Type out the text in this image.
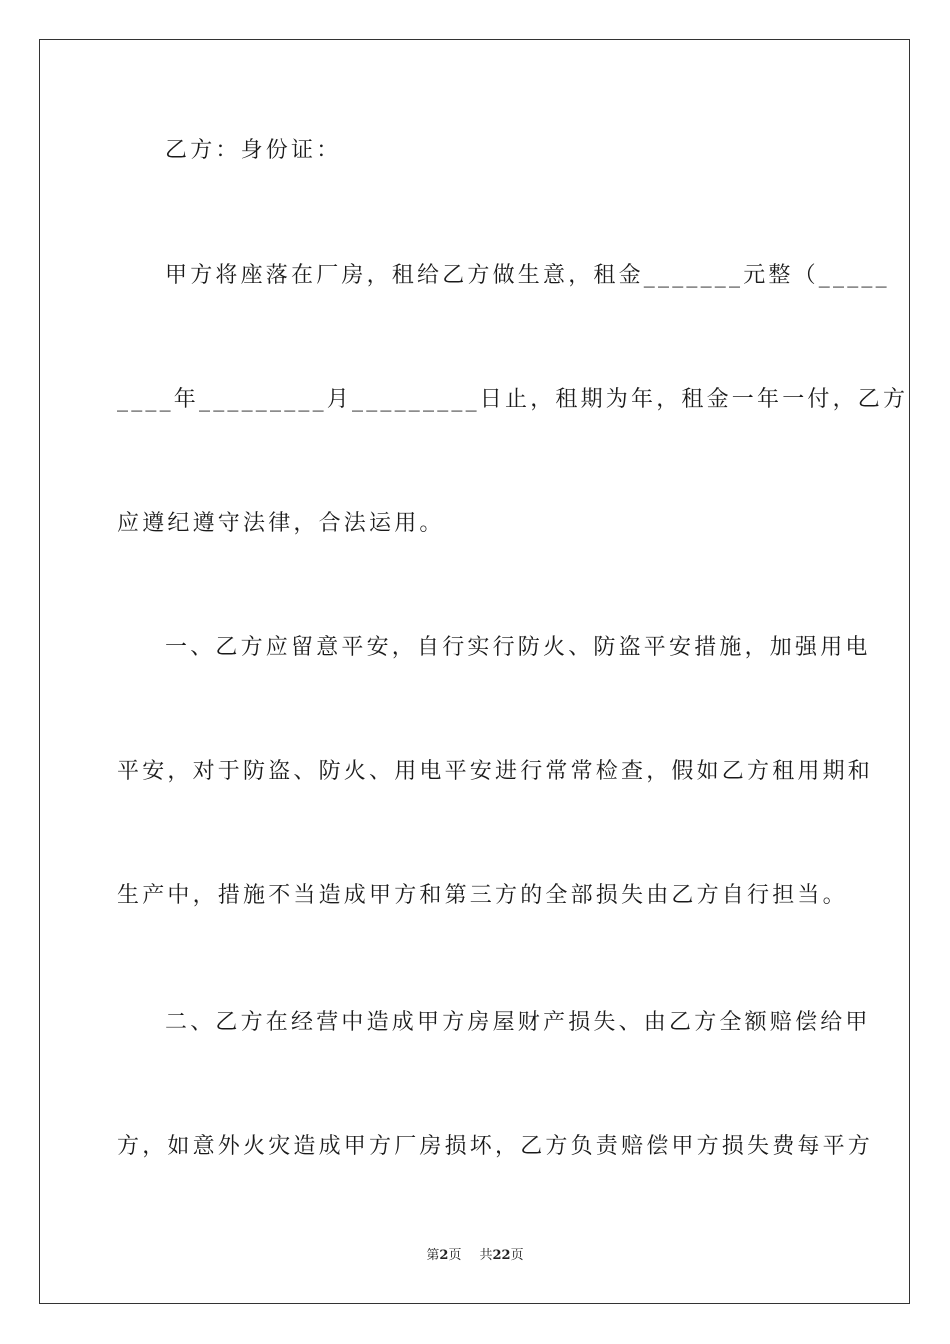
乙方：身份证：
甲方将座落在厂房，租给乙方做生意，租金_______元整（_____
____年_________月_________日止，租期为年，租金一年一付，乙方
应遵纪遵守法律，合法运用。
一、乙方应留意平安，自行实行防火、防盗平安措施，加强用电
平安，对于防盗、防火、用电平安进行常常检查，假如乙方租用期和
生产中，措施不当造成甲方和第三方的全部损失由乙方自行担当。
二、乙方在经营中造成甲方房屋财产损失、由乙方全额赔偿给甲
方，如意外火灾造成甲方厂房损坏，乙方负责赔偿甲方损失费每平方
第2页 共22页
